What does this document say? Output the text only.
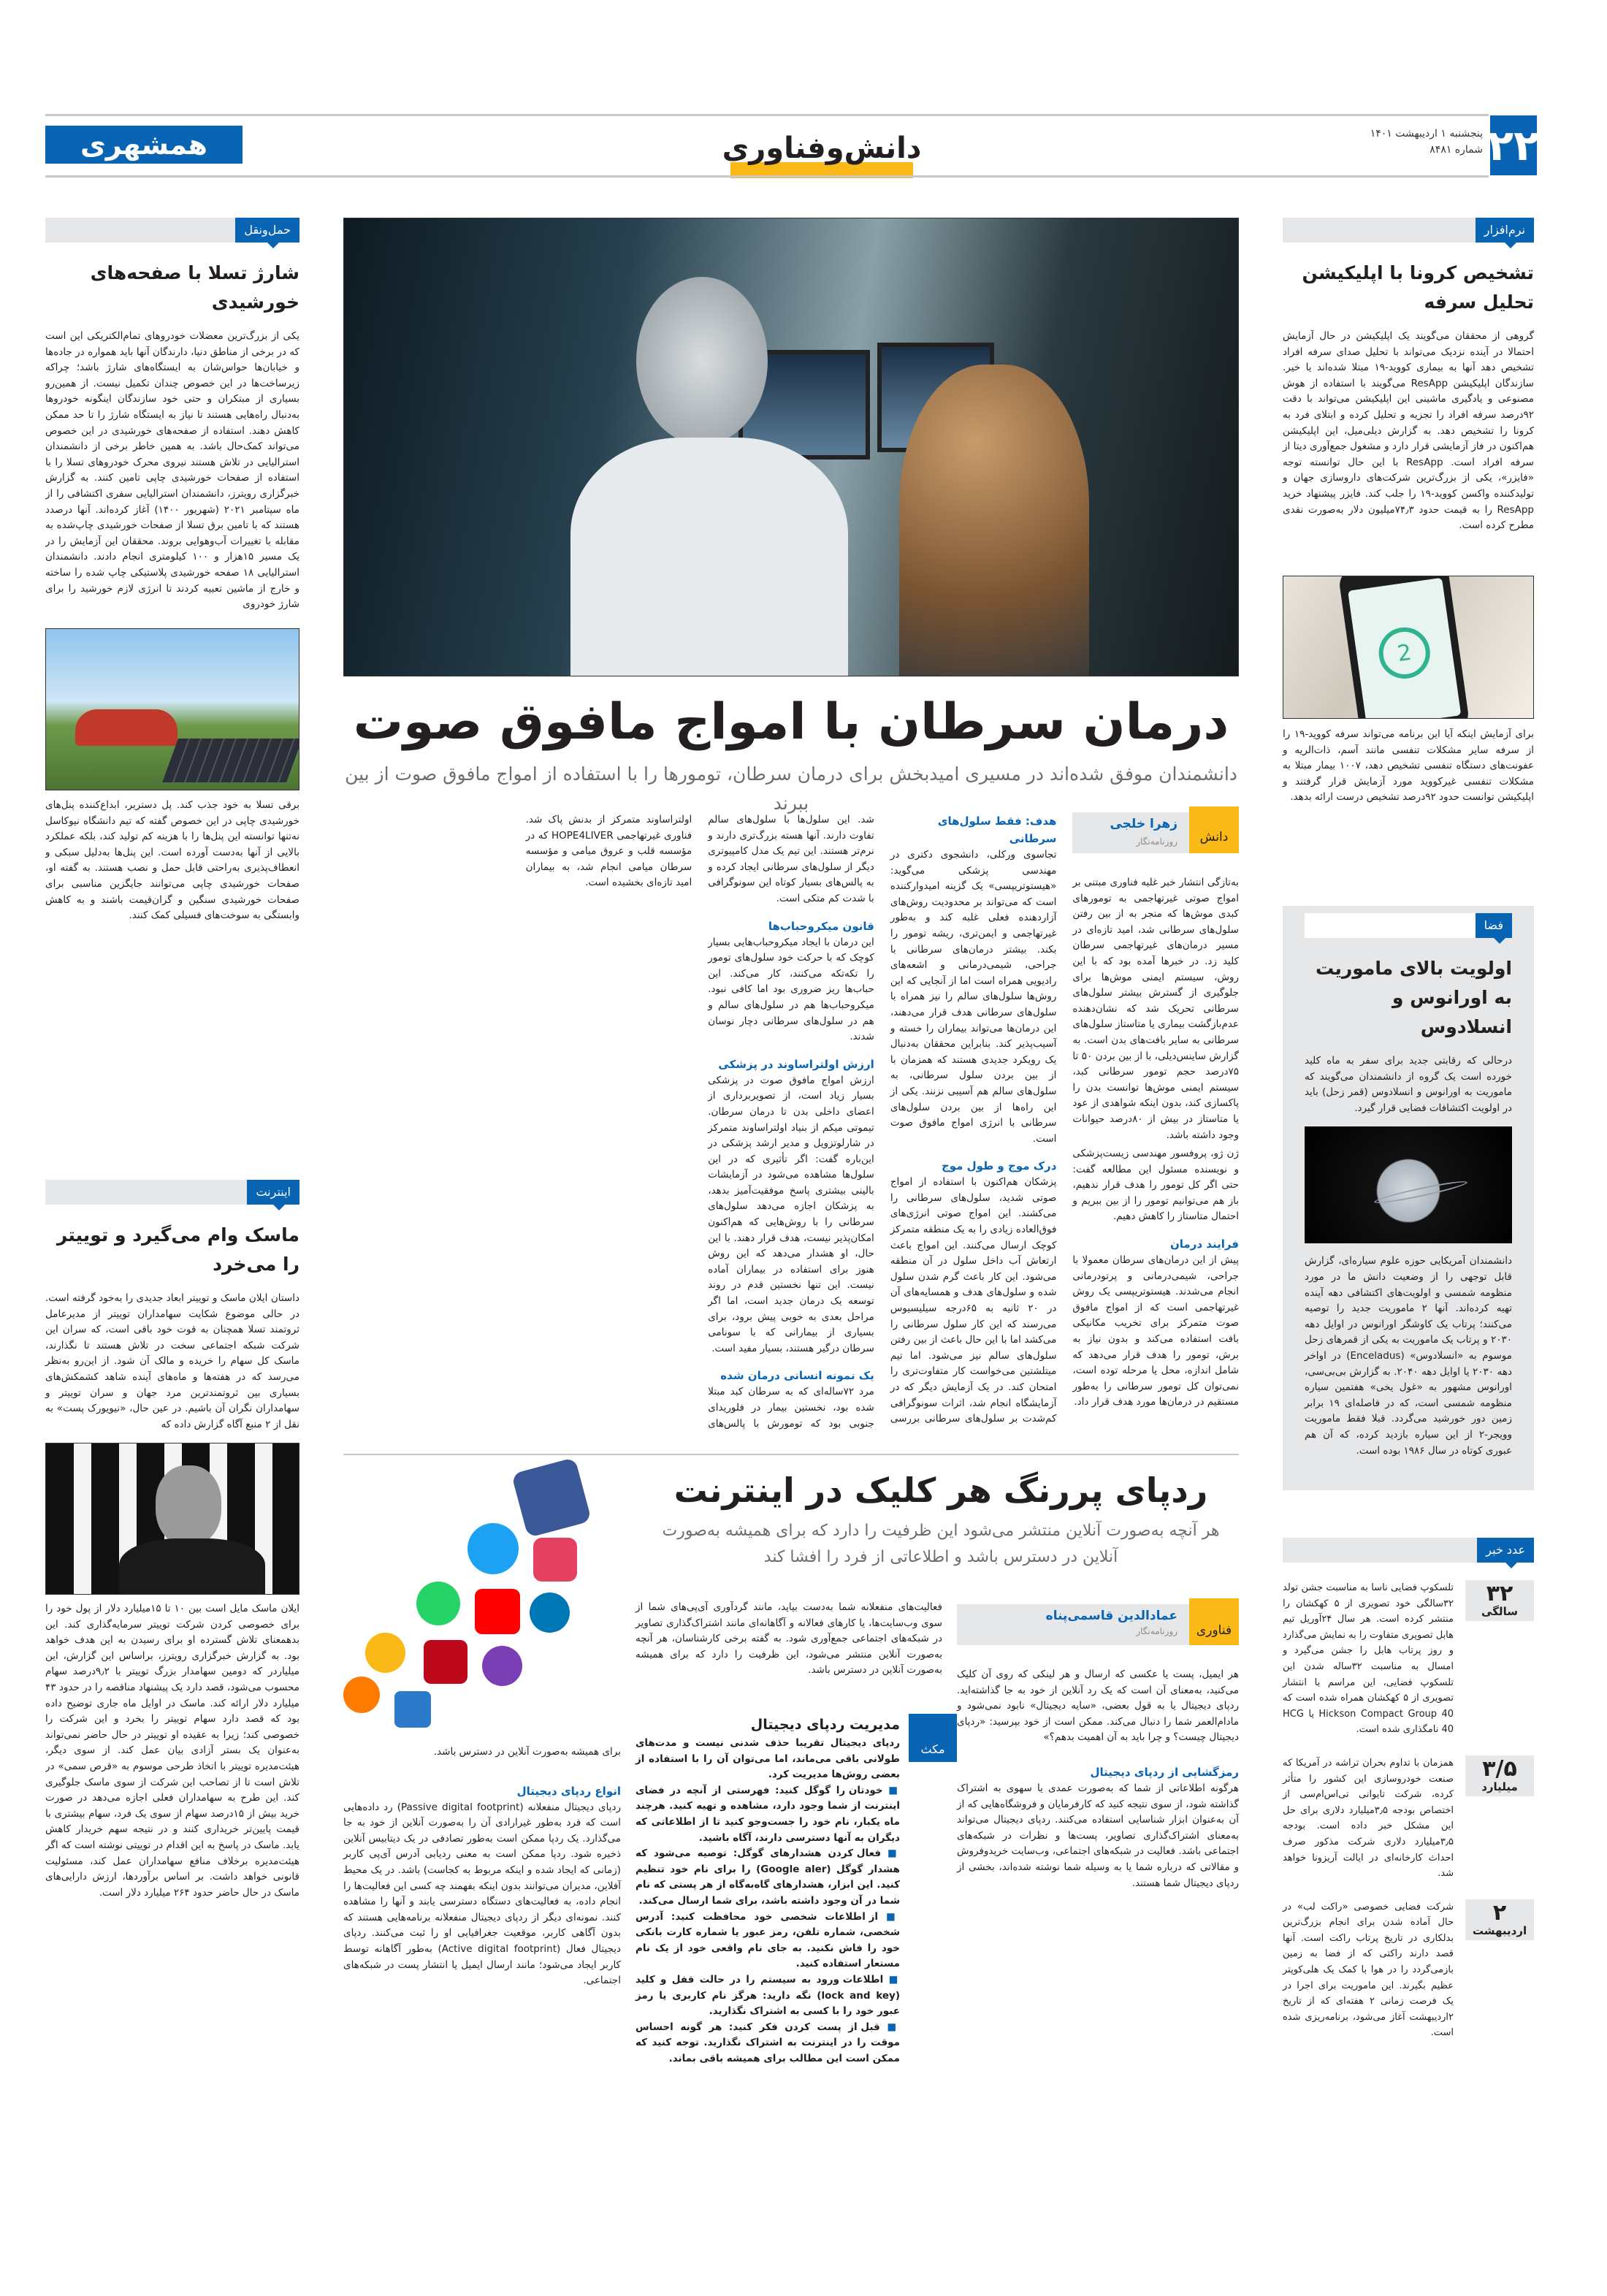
۲۲
پنجشنبه ۱ اردیبهشت ۱۴۰۱
شماره ۸۴۸۱
دانش‌وفناوری
همشهری
نرم‌افزار
تشخیص کرونا با اپلیکیشن تحلیل سرفه

گروهی از محققان می‌گویند یک اپلیکیشن در حال آزمایش احتمالا در آینده نزدیک می‌تواند با تحلیل صدای سرفه افراد تشخیص دهد آنها به بیماری کووید-۱۹ مبتلا شده‌اند یا خیر. سازندگان اپلیکیشن ResApp می‌گویند با استفاده از هوش مصنوعی و یادگیری ماشینی این اپلیکیشن می‌تواند با دقت ۹۲درصد سرفه افراد را تجزیه و تحلیل کرده و ابتلای فرد به کرونا را تشخیص دهد. به گزارش دیلی‌میل، این اپلیکیشن هم‌اکنون در فاز آزمایشی قرار دارد و مشغول جمع‌آوری دیتا از سرفه افراد است. ResApp با این حال توانسته توجه «فایزر»، یکی از بزرگ‌ترین شرکت‌های داروسازی جهان و تولیدکننده واکسن کووید-۱۹ را جلب کند. فایزر پیشنهاد خرید ResApp را به قیمت حدود ۷۴٫۳میلیون دلار به‌صورت نقدی مطرح کرده است.

2

برای آزمایش اینکه آیا این برنامه می‌تواند سرفه کووید-۱۹ را از سرفه سایر مشکلات تنفسی مانند آسم، ذات‌الریه و عفونت‌های دستگاه تنفسی تشخیص دهد، ۱۰۰۷ بیمار مبتلا به مشکلات تنفسی غیرکووید مورد آزمایش قرار گرفتند و اپلیکیشن توانست حدود ۹۲درصد تشخیص درست ارائه بدهد.

فضا
اولویت بالای ماموریت به اورانوس و انسلادوس

درحالی که رقابتی جدید برای سفر به ماه کلید خورده است یک گروه از دانشمندان می‌گویند که ماموریت به اورانوس و انسلادوس (قمر زحل) باید در اولویت اکتشافات فضایی قرار گیرد.

دانشمندان آمریکایی حوزه علوم سیاره‌ای، گزارش قابل توجهی را از وضعیت دانش ما در مورد منظومه شمسی و اولویت‌های اکتشافی دهه آینده تهیه کرده‌اند. آنها ۲ ماموریت جدید را توصیه می‌کنند؛ پرتاب یک کاوشگر اورانوس در اوایل دهه ۲۰۳۰ و پرتاب یک ماموریت به یکی از قمرهای زحل موسوم به «انسلادوس» (Enceladus) در اواخر دهه ۲۰۳۰ یا اوایل دهه ۲۰۴۰. به گزارش بی‌بی‌سی، اورانوس مشهور به «غول یخی» هفتمین سیاره منظومه شمسی است، که در فاصله‌ای ۱۹ برابر زمین دور خورشید می‌گردد. قبلا فقط ماموریت وویجر-۲ از این سیاره بازدید کرده، که آن هم عبوری کوتاه در سال ۱۹۸۶ بوده است.

عدد خبر
۳۲
سالگی

تلسکوپ فضایی ناسا به مناسبت جشن تولد ۳۲سالگی خود تصویری از ۵ کهکشان را منتشر کرده است. هر سال ۲۴آوریل تیم هابل تصویری متفاوت را به نمایش می‌گذارد و روز پرتاب هابل را جشن می‌گیرد و امسال به مناسبت ۳۲ساله شدن این تلسکوپ فضایی، این مراسم با انتشار تصویری از ۵ کهکشان همراه شده است که Hickson Compact Group 40 یا HCG 40 نامگذاری شده است.

۳/۵
میلیارد

همزمان با تداوم بحران تراشه در آمریکا که صنعت خودروسازی این کشور را متأثر کرده، شرکت تایوانی تی‌اس‌ام‌سی از اختصاص بودجه ۳٫۵میلیارد دلاری برای حل این مشکل خبر داده است. بودجه ۳٫۵میلیارد دلاری شرکت مذکور صرف احداث کارخانه‌ای در ایالت آریزونا خواهد شد.

۲
اردیبهشت

شرکت فضایی خصوصی «راکت لب» در حال آماده شدن برای انجام بزرگ‌ترین بدلکاری در تاریخ پرتاب راکت است. آنها قصد دارند راکتی که از فضا به زمین بازمی‌گردد را در هوا با کمک یک هلی‌کوپتر عظیم بگیرند. این ماموریت برای اجرا در یک فرصت زمانی ۲ هفته‌ای که از تاریخ ۲اردیبهشت آغاز می‌شود، برنامه‌ریزی شده است.

درمان سرطان با امواج مافوق صوت
دانشمندان موفق شده‌اند در مسیری امیدبخش برای درمان سرطان، تومورها را با استفاده از امواج مافوق صوت از بین ببرند
دانش
زهرا خلجی
روزنامه‌نگار

به‌تازگی انتشار خبر غلبه فناوری مبتنی بر امواج صوتی غیرتهاجمی به تومورهای کبدی موش‌ها که منجر به از بین رفتن سلول‌های سرطانی شد، امید تازه‌ای در مسیر درمان‌های غیرتهاجمی سرطان کلید زد. در خبرها آمده بود که با این روش، سیستم ایمنی موش‌ها برای جلوگیری از گسترش بیشتر سلول‌های سرطانی تحریک شد که نشان‌دهنده عدم‌بازگشت بیماری یا متاستاز سلول‌های سرطانی به سایر بافت‌های بدن است. به گزارش ساینس‌دیلی، با از بین بردن ۵۰ تا ۷۵درصد حجم تومور سرطانی کبد، سیستم ایمنی موش‌ها توانست بدن را پاکسازی کند، بدون اینکه شواهدی از عود یا متاستاز در بیش از ۸۰درصد حیوانات وجود داشته باشد.

ژن ژو، پروفسور مهندسی زیست‌پزشکی و نویسنده مسئول این مطالعه گفت: حتی اگر کل تومور را هدف قرار ندهیم، باز هم می‌توانیم تومور را از بین ببریم و احتمال متاستاز را کاهش دهیم.

فرایند درمان

پیش از این درمان‌های سرطان معمولا با جراحی، شیمی‌درمانی و پرتودرمانی انجام می‌شدند. هیستوتریپسی یک روش غیرتهاجمی است که از امواج مافوق صوت متمرکز برای تخریب مکانیکی بافت استفاده می‌کند و بدون نیاز به برش، تومور را هدف قرار می‌دهد که شامل اندازه، محل یا مرحله توده است، نمی‌توان کل تومور سرطانی را به‌طور مستقیم در درمان‌ها مورد هدف قرار داد.

هدف: فقط سلول‌های سرطانی

تجاسوی ورکلی، دانشجوی دکتری در مهندسی پزشکی می‌گوید: «هیستوتریپسی» یک گزینه امیدوارکننده است که می‌تواند بر محدودیت روش‌های آزاردهنده فعلی غلبه کند و به‌طور غیرتهاجمی و ایمن‌تری، ریشه تومور را بکند. بیشتر درمان‌های سرطانی با جراحی، شیمی‌درمانی و اشعه‌های رادیویی همراه است اما از آنجایی که این روش‌ها سلول‌های سالم را نیز همراه با سلول‌های سرطانی هدف قرار می‌دهند، این درمان‌ها می‌تواند بیماران را خسته و آسیب‌پذیر کند. بنابراین محققان به‌دنبال یک رویکرد جدیدی هستند که همزمان با از بین بردن سلول سرطانی، به سلول‌های سالم هم آسیبی نزنند. یکی از این راه‌ها از بین بردن سلول‌های سرطانی با انرژی امواج مافوق صوت است.

درک موج و طول موج

پزشکان هم‌اکنون با استفاده از امواج صوتی شدید، سلول‌های سرطانی را می‌کشند. این امواج صوتی انرژی‌های فوق‌العاده زیادی را به یک منطقه متمرکز کوچک ارسال می‌کنند. این امواج باعث ارتعاش آب داخل سلول در آن منطقه می‌شود. این کار باعث گرم شدن سلول شده و سلول‌های هدف و همسایه‌های آن در ۲۰ ثانیه به ۶۵درجه سیلیسیوس می‌رسند که این کار سلول سرطانی را می‌کشد اما با این حال باعث از بین رفتن سلول‌های سالم نیز می‌شود. اما تیم میتلشتین می‌خواست کار متفاوت‌تری را امتحان کند. در یک آزمایش دیگر که در آزمایشگاه انجام شد، اثرات سونوگرافی کم‌شدت بر سلول‌های سرطانی بررسی شد. این سلول‌ها با سلول‌های سالم تفاوت دارند. آنها هسته بزرگ‌تری دارند و نرم‌تر هستند. این تیم یک مدل کامپیوتری دیگر از سلول‌های سرطانی ایجاد کرده و به پالس‌های بسیار کوتاه این سونوگرافی با شدت کم متکی است.

قانون میکروحباب‌ها

این درمان با ایجاد میکروحباب‌هایی بسیار کوچک که با حرکت خود سلول‌های تومور را تکه‌تکه می‌کنند، کار می‌کند. این حباب‌ها ریز ضروری بود اما کافی نبود. میکروحباب‌ها هم در سلول‌های سالم و هم در سلول‌های سرطانی دچار نوسان شدند.

ارزش اولتراساوند در پزشکی

ارزش امواج مافوق صوت در پزشکی بسیار زیاد است، از تصویربرداری از اعضای داخلی بدن تا درمان سرطان. تیموتی میکم از بنیاد اولتراساوند متمرکز در شارلوتزویل و مدیر ارشد پزشکی در این‌باره گفت: اگر تأثیری که در این سلول‌ها مشاهده می‌شود در آزمایشات بالینی بیشتری پاسخ موفقیت‌آمیز بدهد، به پزشکان اجازه می‌دهد سلول‌های سرطانی را با روش‌هایی که هم‌اکنون امکان‌پذیر نیست، هدف قرار دهند. با این حال، او هشدار می‌دهد که این روش هنوز برای استفاده در بیماران آماده نیست. این تنها نخستین قدم در روند توسعه یک درمان جدید است، اما اگر مراحل بعدی به خوبی پیش برود، برای بسیاری از بیمارانی که با سونامی سرطان درگیر هستند، بسیار مفید است.

یک نمونه انسانی درمان شده

مرد ۷۲ساله‌ای که به سرطان کبد مبتلا شده بود، نخستین بیمار در فلوریدای جنوبی بود که تومورش با پالس‌های اولتراساوند متمرکز از بدنش پاک شد. فناوری غیرتهاجمی HOPE4LIVER که در مؤسسه قلب و عروق میامی و مؤسسه سرطان میامی انجام شد، به بیماران امید تازه‌ای بخشیده است.

ردپای پررنگ هر کلیک در اینترنت
هر آنچه به‌صورت آنلاین منتشر می‌شود این ظرفیت را دارد که برای همیشه به‌صورت آنلاین در دسترس باشد و اطلاعاتی از فرد را افشا کند
فناوری
عمادالدین قاسمی‌پناه
روزنامه‌نگار

هر ایمیل، پست یا عکسی که ارسال و هر لینکی که روی آن کلیک می‌کنید، به‌معنای آن است که یک رد آنلاین از خود به جا گذاشته‌اید. ردپای دیجیتال یا به قول بعضی، «سایه دیجیتال» نابود نمی‌شود و مادام‌العمر شما را دنبال می‌کند. ممکن است از خود بپرسید: «ردپای دیجیتال چیست؟ و چرا باید به آن اهمیت بدهم؟»

رمزگشایی از ردپای دیجیتال

هرگونه اطلاعاتی از شما که به‌صورت عمدی یا سهوی به اشتراک گذاشته شود، از سوی نتیجه کنید که کارفرمایان و فروشگاه‌هایی که از آن به‌عنوان ابزار شناسایی استفاده می‌کنند. ردپای دیجیتال می‌تواند به‌معنای اشتراک‌گذاری تصاویر، پست‌ها و نظرات در شبکه‌های اجتماعی باشد. فعالیت در شبکه‌های اجتماعی، وب‌سایت خریدوفروش و مقالاتی که درباره شما یا به وسیله شما نوشته شده‌اند، بخشی از ردپای دیجیتال شما هستند.

فعالیت‌های منفعلانه شما به‌دست بیاید، مانند گردآوری آی‌پی‌های شما از سوی وب‌سایت‌ها، یا کارهای فعالانه و آگاهانه‌ای مانند اشتراک‌گذاری تصاویر در شبکه‌های اجتماعی جمع‌آوری شود. به گفته برخی کارشناسان، هر آنچه به‌صورت آنلاین منتشر می‌شود، این ظرفیت را دارد که برای همیشه به‌صورت آنلاین در دسترس باشد.

مکث
مدیریت ردپای دیجیتال

ردپای دیجیتال تقریبا حذف شدنی نیست و مدت‌های طولانی باقی می‌ماند، اما می‌توان آن را با استفاده از بعضی روش‌ها مدیریت کرد.

■ خودتان را گوگل کنید: فهرستی از آنچه در فضای اینترنت از شما وجود دارد، مشاهده و تهیه کنید. هرچند ماه یکبار، نام خود را جست‌وجو کنید تا از اطلاعاتی که دیگران به آنها دسترسی دارند، آگاه باشید.

■ فعال کردن هشدارهای گوگل: توصیه می‌شود که هشدار گوگل (Google aler) را برای نام خود تنظیم کنید. این ابزار، هشدارهای گاه‌به‌گاه از هر پستی که نام شما در آن وجود داشته باشد، برای شما ارسال می‌کند.

■ از اطلاعات شخصی خود محافظت کنید: آدرس شخصی، شماره تلفن، رمز عبور یا شماره کارت بانکی خود را فاش نکنید. به جای نام واقعی خود از یک نام مستعار استفاده کنید.

■ اطلاعات ورود به سیستم را در حالت قفل و کلید (lock and key) نگه دارید: هرگز نام کاربری یا رمز عبور خود را با کسی به اشتراک نگذارید.

■ قبل از پست کردن فکر کنید: هر گونه احساس موقت را در اینترنت به اشتراک نگذارید. توجه کنید که ممکن است این مطالب برای همیشه باقی بماند.

برای همیشه به‌صورت آنلاین در دسترس باشد.

انواع ردپای دیجیتال

ردپای دیجیتال منفعلانه (Passive digital footprint) رد داده‌هایی است که فرد به‌طور غیرارادی آن را به‌صورت آنلاین از خود به جا می‌گذارد. یک ردپا ممکن است به‌طور تصادفی در یک دیتابیس آنلاین ذخیره شود. ردپا ممکن است به معنی ردیابی آدرس آی‌پی کاربر (زمانی که ایجاد شده و اینکه مربوط به کجاست) باشد. در یک محیط آفلاین، مدیران می‌توانند بدون اینکه بفهمند چه کسی این فعالیت‌ها را انجام داده، به فعالیت‌های دستگاه دسترسی یابند و آنها را مشاهده کنند. نمونه‌ای دیگر از ردپای دیجیتال منفعلانه برنامه‌هایی هستند که بدون آگاهی کاربر، موقعیت جغرافیایی او را ثبت می‌کنند. ردپای دیجیتال فعال (Active digital footprint) به‌طور آگاهانه توسط کاربر ایجاد می‌شود؛ مانند ارسال ایمیل یا انتشار پست در شبکه‌های اجتماعی.

حمل‌ونقل
شارژ تسلا با صفحه‌های خورشیدی

یکی از بزرگ‌ترین معضلات خودروهای تمام‌الکتریکی این است که در برخی از مناطق دنیا، دارندگان آنها باید همواره در جاده‌ها و خیابان‌ها حواس‌شان به ایستگاه‌های شارژ باشد؛ چراکه زیرساخت‌ها در این خصوص چندان تکمیل نیست. از همین‌رو بسیاری از مبتکران و حتی خود سازندگان اینگونه خودروها به‌دنبال راه‌هایی هستند تا نیاز به ایستگاه شارژ را تا حد ممکن کاهش دهند. استفاده از صفحه‌های خورشیدی در این خصوص می‌تواند کمک‌حال باشد. به همین خاطر برخی از دانشمندان استرالیایی در تلاش هستند نیروی محرک خودروهای تسلا را با استفاده از صفحات خورشیدی چاپی تامین کنند. به گزارش خبرگزاری رویترز، دانشمندان استرالیایی سفری اکتشافی را از ماه سپتامبر ۲۰۲۱ (شهریور ۱۴۰۰) آغاز کرده‌اند. آنها درصدد هستند که با تامین برق تسلا از صفحات خورشیدی چاپ‌شده به مقابله با تغییرات آب‌وهوایی بروند. محققان این آزمایش را در یک مسیر ۱۵هزار و ۱۰۰ کیلومتری انجام دادند. دانشمندان استرالیایی ۱۸ صفحه خورشیدی پلاستیکی چاپ شده را ساخته و خارج از ماشین تعبیه کردند تا انرژی لازم خورشید را برای شارژ خودروی

برقی تسلا به خود جذب کند. پل دستربر، ابداع‌کننده پنل‌های خورشیدی چاپی در این خصوص گفته که تیم دانشگاه نیوکاسل نه‌تنها توانسته این پنل‌ها را با هزینه کم تولید کند، بلکه عملکرد بالایی از آنها به‌دست آورده است. این پنل‌ها به‌دلیل سبکی و انعطاف‌پذیری به‌راحتی قابل حمل و نصب هستند. به گفته او، صفحات خورشیدی چاپی می‌توانند جایگزین مناسبی برای صفحات خورشیدی سنگین و گران‌قیمت باشند و به کاهش وابستگی به سوخت‌های فسیلی کمک کنند.

اینترنت
ماسک وام می‌گیرد و توییتر را می‌خرد

داستان ایلان ماسک و توییتر ابعاد جدیدی را به‌خود گرفته است. در حالی موضوع شکایت سهامداران توییتر از مدیرعامل ثروتمند تسلا همچنان به قوت خود باقی است، که سران این شرکت شبکه اجتماعی سخت در تلاش هستند تا نگذارند، ماسک کل سهام را خریده و مالک آن شود. از این‌رو به‌نظر می‌رسد که در هفته‌ها و ماه‌های آینده شاهد کشمکش‌های بسیاری بین ثروتمندترین مرد جهان و سران توییتر و سهامداران نگران آن باشیم. در عین حال، «نیویورک پست» به نقل از ۲ منبع آگاه گزارش داده که

ایلان ماسک مایل است بین ۱۰ تا ۱۵میلیارد دلار از پول خود را برای خصوصی کردن شرکت توییتر سرمایه‌گذاری کند. این بدهمعنای تلاش گسترده او برای رسیدن به این هدف خواهد بود. به گزارش خبرگزاری رویترز، براساس این گزارش، این میلیاردر که دومین سهامدار بزرگ توییتر با ۹٫۲درصد سهام محسوب می‌شود، قصد دارد یک پیشنهاد مناقصه را در حدود ۴۳ میلیارد دلار ارائه کند. ماسک در اوایل ماه جاری توضیح داده بود که قصد دارد سهام توییتر را بخرد و این شرکت را خصوصی کند؛ زیرا به عقیده او توییتر در حال حاضر نمی‌تواند به‌عنوان یک بستر آزادی بیان عمل کند. از سوی دیگر، هیئت‌مدیره توییتر با اتخاذ طرحی موسوم به «قرص سمی» در تلاش است تا از تصاحب این شرکت از سوی ماسک جلوگیری کند. این طرح به سهامداران فعلی اجازه می‌دهد در صورت خرید بیش از ۱۵درصد سهام از سوی یک فرد، سهام بیشتری با قیمت پایین‌تر خریداری کنند و در نتیجه سهم خریدار کاهش یابد. ماسک در پاسخ به این اقدام در توییتی نوشته است که اگر هیئت‌مدیره برخلاف منافع سهامداران عمل کند، مسئولیت قانونی خواهد داشت. بر اساس برآوردها، ارزش دارایی‌های ماسک در حال حاضر حدود ۲۶۴ میلیارد دلار است.
